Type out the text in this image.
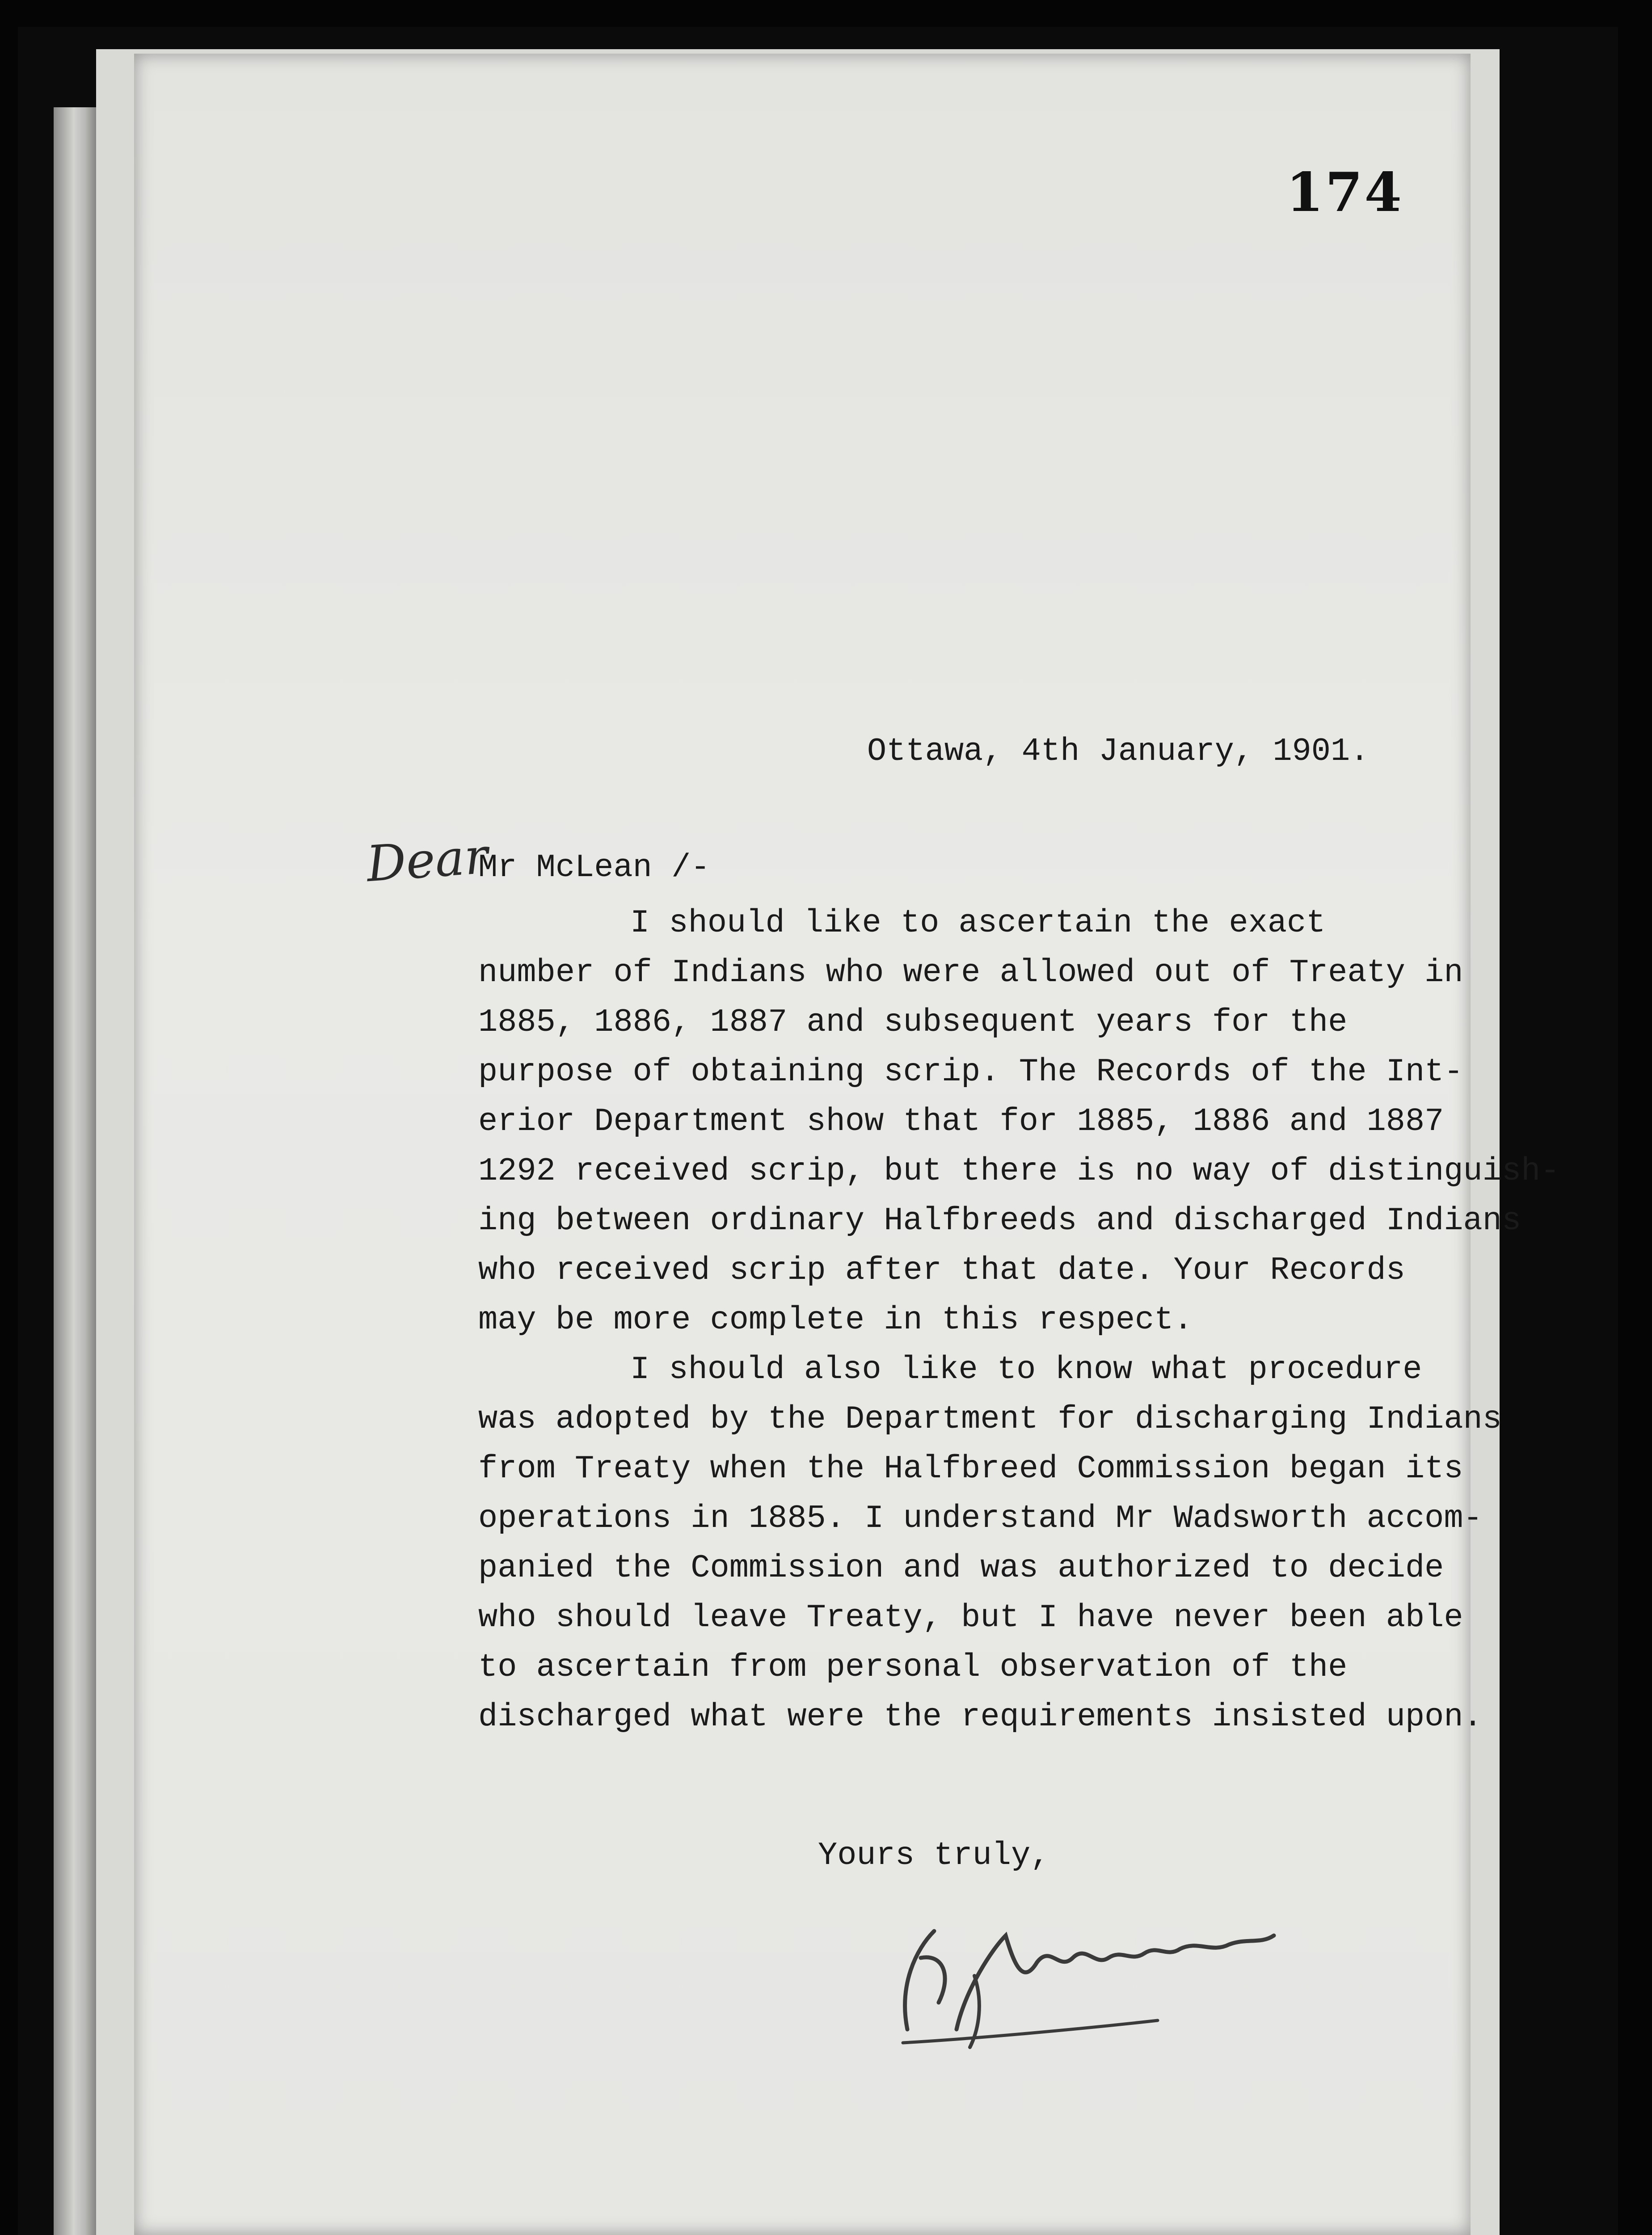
174
Ottawa, 4th January, 1901.
Dear
Mr McLean /-
I should like to ascertain the exact
number of Indians who were allowed out of Treaty in
1885, 1886, 1887 and subsequent years for the
purpose of obtaining scrip. The Records of the Int-
erior Department show that for 1885, 1886 and 1887
1292 received scrip, but there is no way of distinguish-
ing between ordinary Halfbreeds and discharged Indians
who received scrip after that date. Your Records
may be more complete in this respect.
I should also like to know what procedure
was adopted by the Department for discharging Indians
from Treaty when the Halfbreed Commission began its
operations in 1885. I understand Mr Wadsworth accom-
panied the Commission and was authorized to decide
who should leave Treaty, but I have never been able
to ascertain from personal observation of the
discharged what were the requirements insisted upon.
Yours truly,
